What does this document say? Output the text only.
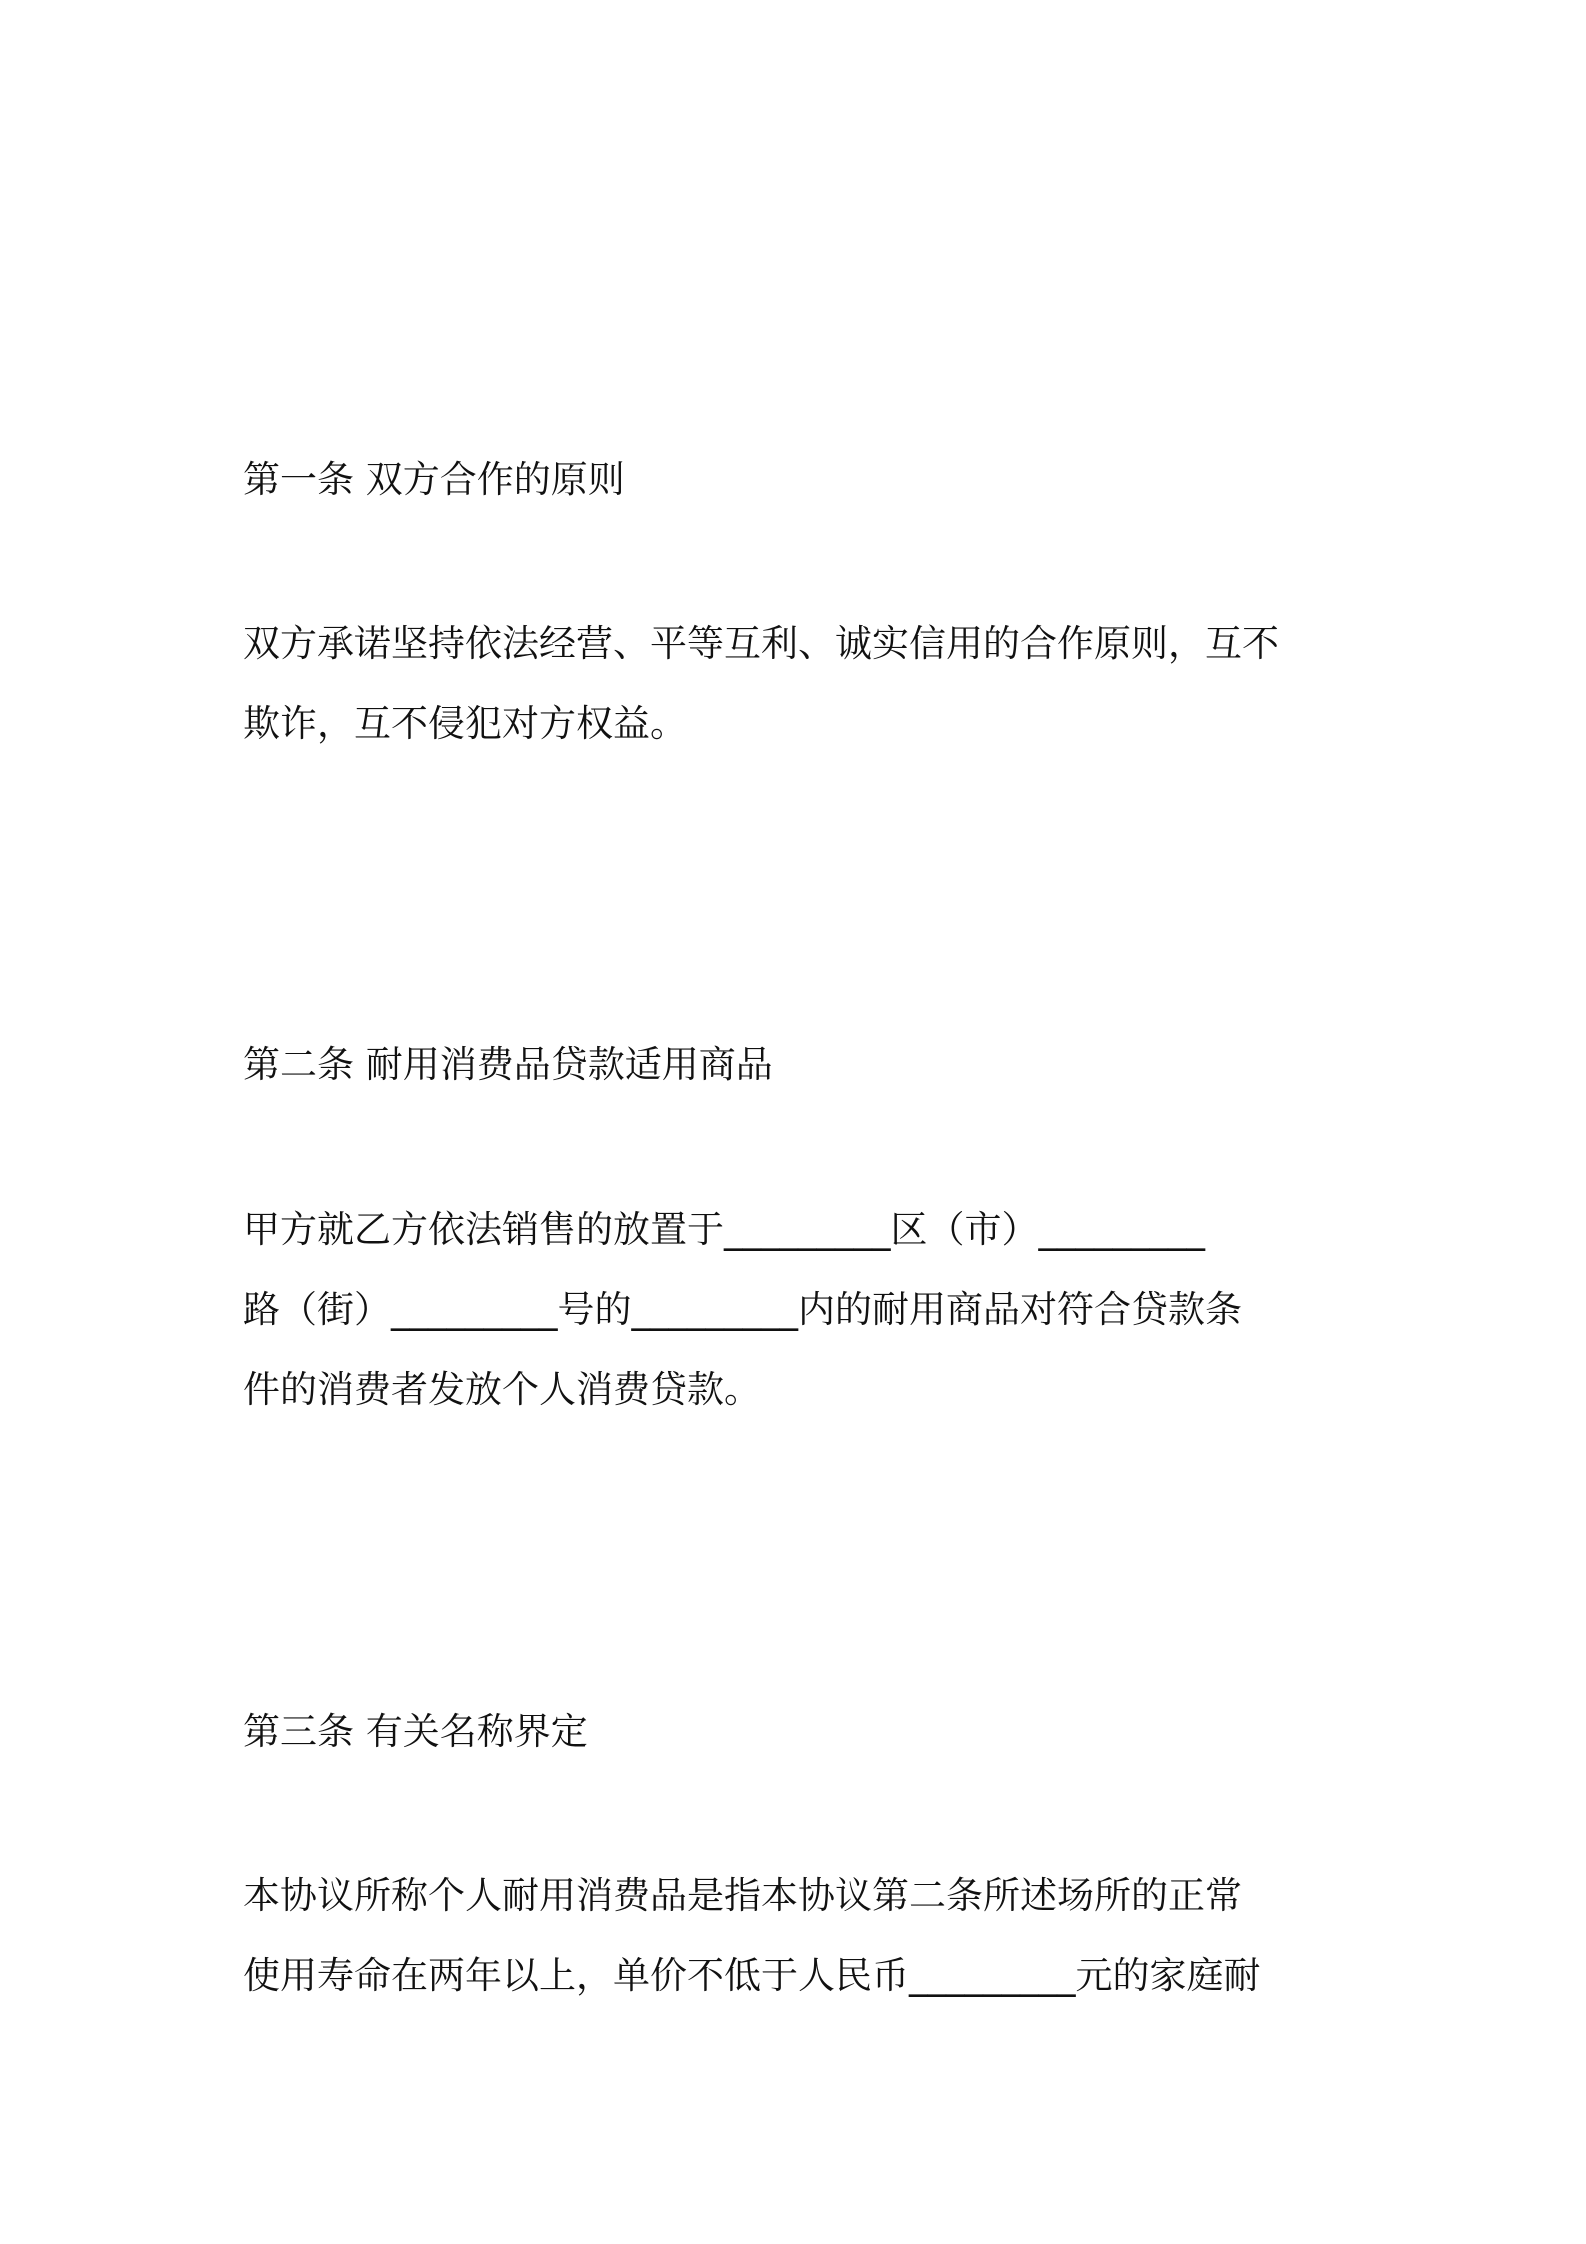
第一条 双方合作的原则
双方承诺坚持依法经营、平等互利、诚实信用的合作原则，互不
欺诈，互不侵犯对方权益。
第二条 耐用消费品贷款适用商品
甲方就乙方依法销售的放置于_________区（市）_________
路（街）_________号的_________内的耐用商品对符合贷款条
件的消费者发放个人消费贷款。
第三条 有关名称界定
本协议所称个人耐用消费品是指本协议第二条所述场所的正常
使用寿命在两年以上，单价不低于人民币_________元的家庭耐
